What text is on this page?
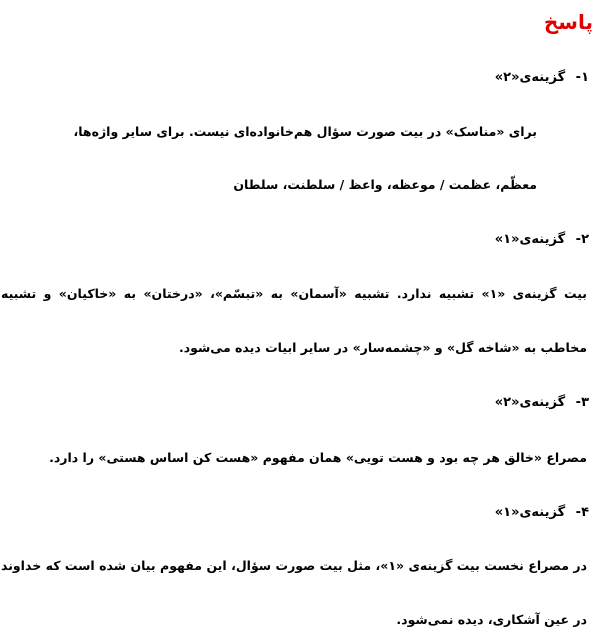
پاسخ
۱- گزینه‌ی«۲»
برای «مناسک» در بیت صورت سؤال هم‌خانواده‌ای نیست. برای سایر واژه‌ها،
معظّم، عظمت / موعظه، واعظ / سلطنت، سلطان
۲- گزینه‌ی«۱»
بیت گزینه‌ی «۱» تشبیه ندارد. تشبیه «آسمان» به «تبسّم»، «درختان» به «خاکیان» و تشبیه
مخاطب به «شاخه گل» و «چشمه‌سار» در سایر ابیات دیده می‌شود.
۳- گزینه‌ی«۲»
مصراع «خالق هر چه بود و هست تویی» همان مفهوم «هست کن اساس هستی» را دارد.
۴- گزینه‌ی«۱»
در مصراع نخست بیت گزینه‌ی «۱»، مثل بیت صورت سؤال، این مفهوم بیان شده است که خداوند
در عین آشکاری، دیده نمی‌شود.
